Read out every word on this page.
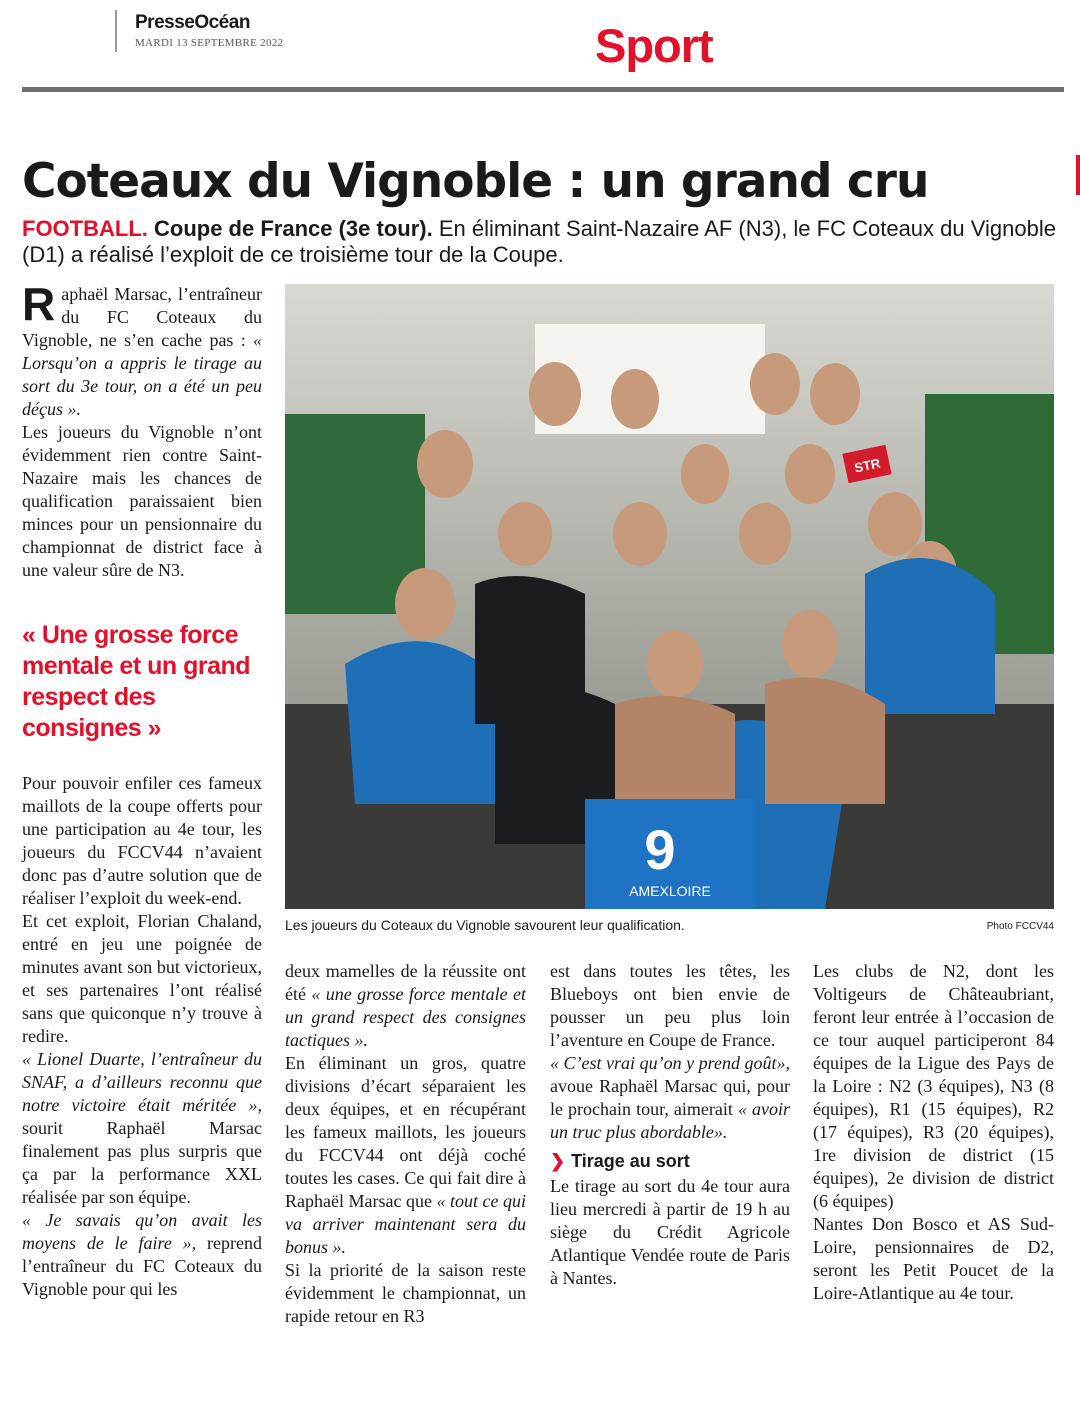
PresseOcéan
MARDI 13 SEPTEMBRE 2022	Sport
Coteaux du Vignoble : un grand cru
FOOTBALL. Coupe de France (3e tour). En éliminant Saint-Nazaire AF (N3), le FC Coteaux du Vignoble (D1) a réalisé l’exploit de ce troisième tour de la Coupe.

R aphaël Marsac, l’entraîneur du FC Coteaux du Vignoble, ne s’en cache pas : « Lorsqu’on a appris le tirage au sort du 3e tour, on a été un peu déçus ».

Les joueurs du Vignoble n’ont évidemment rien contre Saint-Nazaire mais les chances de qualification paraissaient bien minces pour un pensionnaire du championnat de district face à une valeur sûre de N3.

« Une grosse force mentale et un grand respect des consignes »

Pour pouvoir enfiler ces fameux maillots de la coupe offerts pour une participation au 4e tour, les joueurs du FCCV44 n’avaient donc pas d’autre solution que de réaliser l’exploit du week-end.

Et cet exploit, Florian Chaland, entré en jeu une poignée de minutes avant son but victorieux, et ses partenaires l’ont réalisé sans que quiconque n’y trouve à redire.

« Lionel Duarte, l’entraîneur du SNAF, a d’ailleurs reconnu que notre victoire était méritée », sourit Raphaël Marsac finalement pas plus surpris que ça par la performance XXL réalisée par son équipe.

« Je savais qu’on avait les moyens de le faire », reprend l’entraîneur du FC Coteaux du Vignoble pour qui les

9
AMEXLOIRE
STR
Les joueurs du Coteaux du Vignoble savourent leur qualification.	Photo FCCV44

deux mamelles de la réussite ont été « une grosse force mentale et un grand respect des consignes tactiques ».

En éliminant un gros, quatre divisions d’écart séparaient les deux équipes, et en récupérant les fameux maillots, les joueurs du FCCV44 ont déjà coché toutes les cases. Ce qui fait dire à Raphaël Marsac que « tout ce qui va arriver maintenant sera du bonus ».

Si la priorité de la saison reste évidemment le championnat, un rapide retour en R3

est dans toutes les têtes, les Blueboys ont bien envie de pousser un peu plus loin l’aventure en Coupe de France.

« C’est vrai qu’on y prend goût», avoue Raphaël Marsac qui, pour le prochain tour, aimerait « avoir un truc plus abordable».

❯ Tirage au sort

Le tirage au sort du 4e tour aura lieu mercredi à partir de 19 h au siège du Crédit Agricole Atlantique Vendée route de Paris à Nantes.

Les clubs de N2, dont les Voltigeurs de Châteaubriant, feront leur entrée à l’occasion de ce tour auquel participeront 84 équipes de la Ligue des Pays de la Loire : N2 (3 équipes), N3 (8 équipes), R1 (15 équipes), R2 (17 équipes), R3 (20 équipes), 1re division de district (15 équipes), 2e division de district (6 équipes)

Nantes Don Bosco et AS Sud-Loire, pensionnaires de D2, seront les Petit Poucet de la Loire-Atlantique au 4e tour.
